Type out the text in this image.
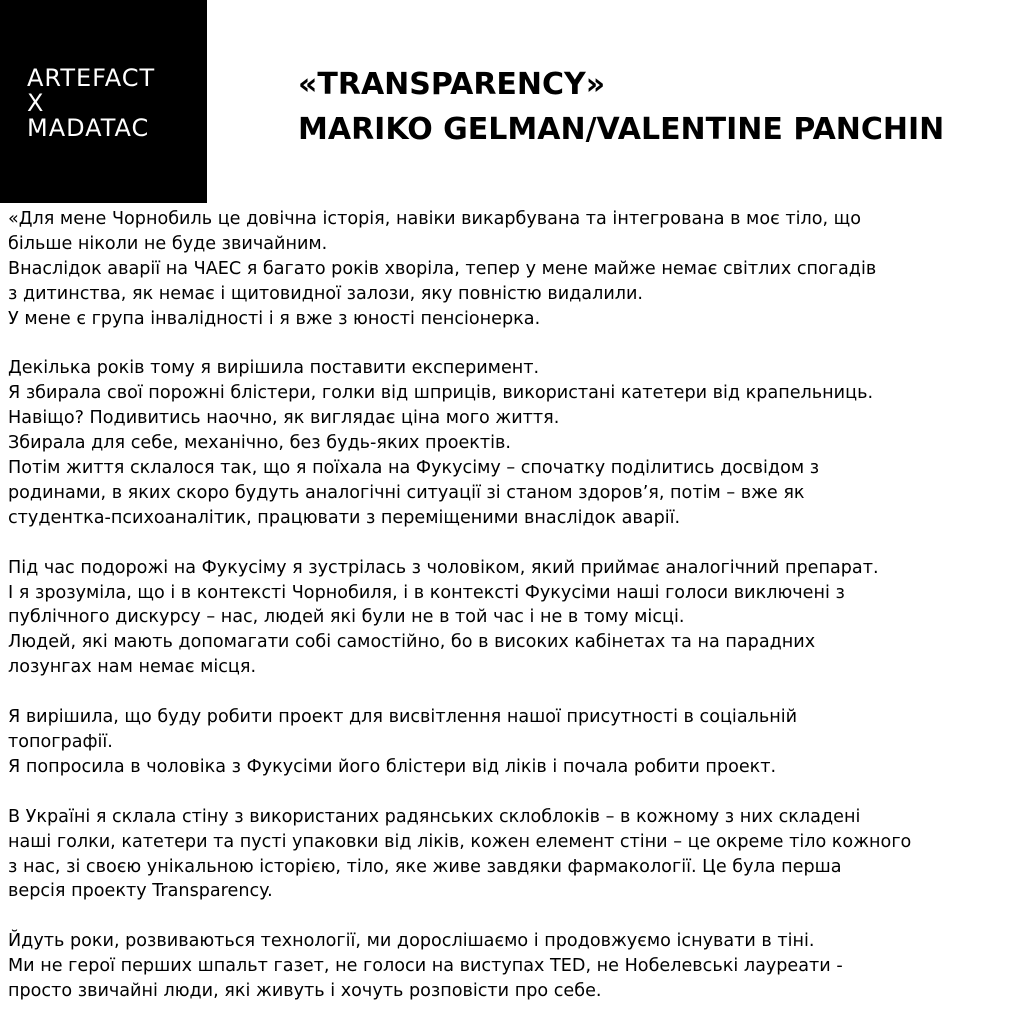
ARTEFACT
X
MADATAC
«TRANSPARENCY»
MARIKO GELMAN/VALENTINE PANCHIN
«Для мене Чорнобиль це довічна історія, навіки викарбувана та інтегрована в моє тіло, що
більше ніколи не буде звичайним.
Внаслідок аварії на ЧАЕС я багато років хворіла, тепер у мене майже немає світлих спогадів
з дитинства, як немає і щитовидної залози, яку повністю видалили.
У мене є група інвалідності і я вже з юності пенсіонерка.
Декілька років тому я вирішила поставити експеримент.
Я збирала свої порожні блістери, голки від шприців, використані катетери від крапельниць.
Навіщо? Подивитись наочно, як виглядає ціна мого життя.
Збирала для себе, механічно, без будь-яких проектів.
Потім життя склалося так, що я поїхала на Фукусіму – спочатку поділитись досвідом з
родинами, в яких скоро будуть аналогічні ситуації зі станом здоров’я, потім – вже як
студентка-психоаналітик, працювати з переміщеними внаслідок аварії.
Під час подорожі на Фукусіму я зустрілась з чоловіком, який приймає аналогічний препарат.
І я зрозуміла, що і в контексті Чорнобиля, і в контексті Фукусіми наші голоси виключені з
публічного дискурсу – нас, людей які були не в той час і не в тому місці.
Людей, які мають допомагати собі самостійно, бо в високих кабінетах та на парадних
лозунгах нам немає місця.
Я вирішила, що буду робити проект для висвітлення нашої присутності в соціальній
топографії.
Я попросила в чоловіка з Фукусіми його блістери від ліків і почала робити проект.
В Україні я склала стіну з використаних радянських склоблоків – в кожному з них складені
наші голки, катетери та пусті упаковки від ліків, кожен елемент стіни – це окреме тіло кожного
з нас, зі своєю унікальною історією, тіло, яке живе завдяки фармакології. Це була перша
версія проекту Transparency.
Йдуть роки, розвиваються технології, ми дорослішаємо і продовжуємо існувати в тіні.
Ми не герої перших шпальт газет, не голоси на виступах TED, не Нобелевські лауреати -
просто звичайні люди, які живуть і хочуть розповісти про себе.
